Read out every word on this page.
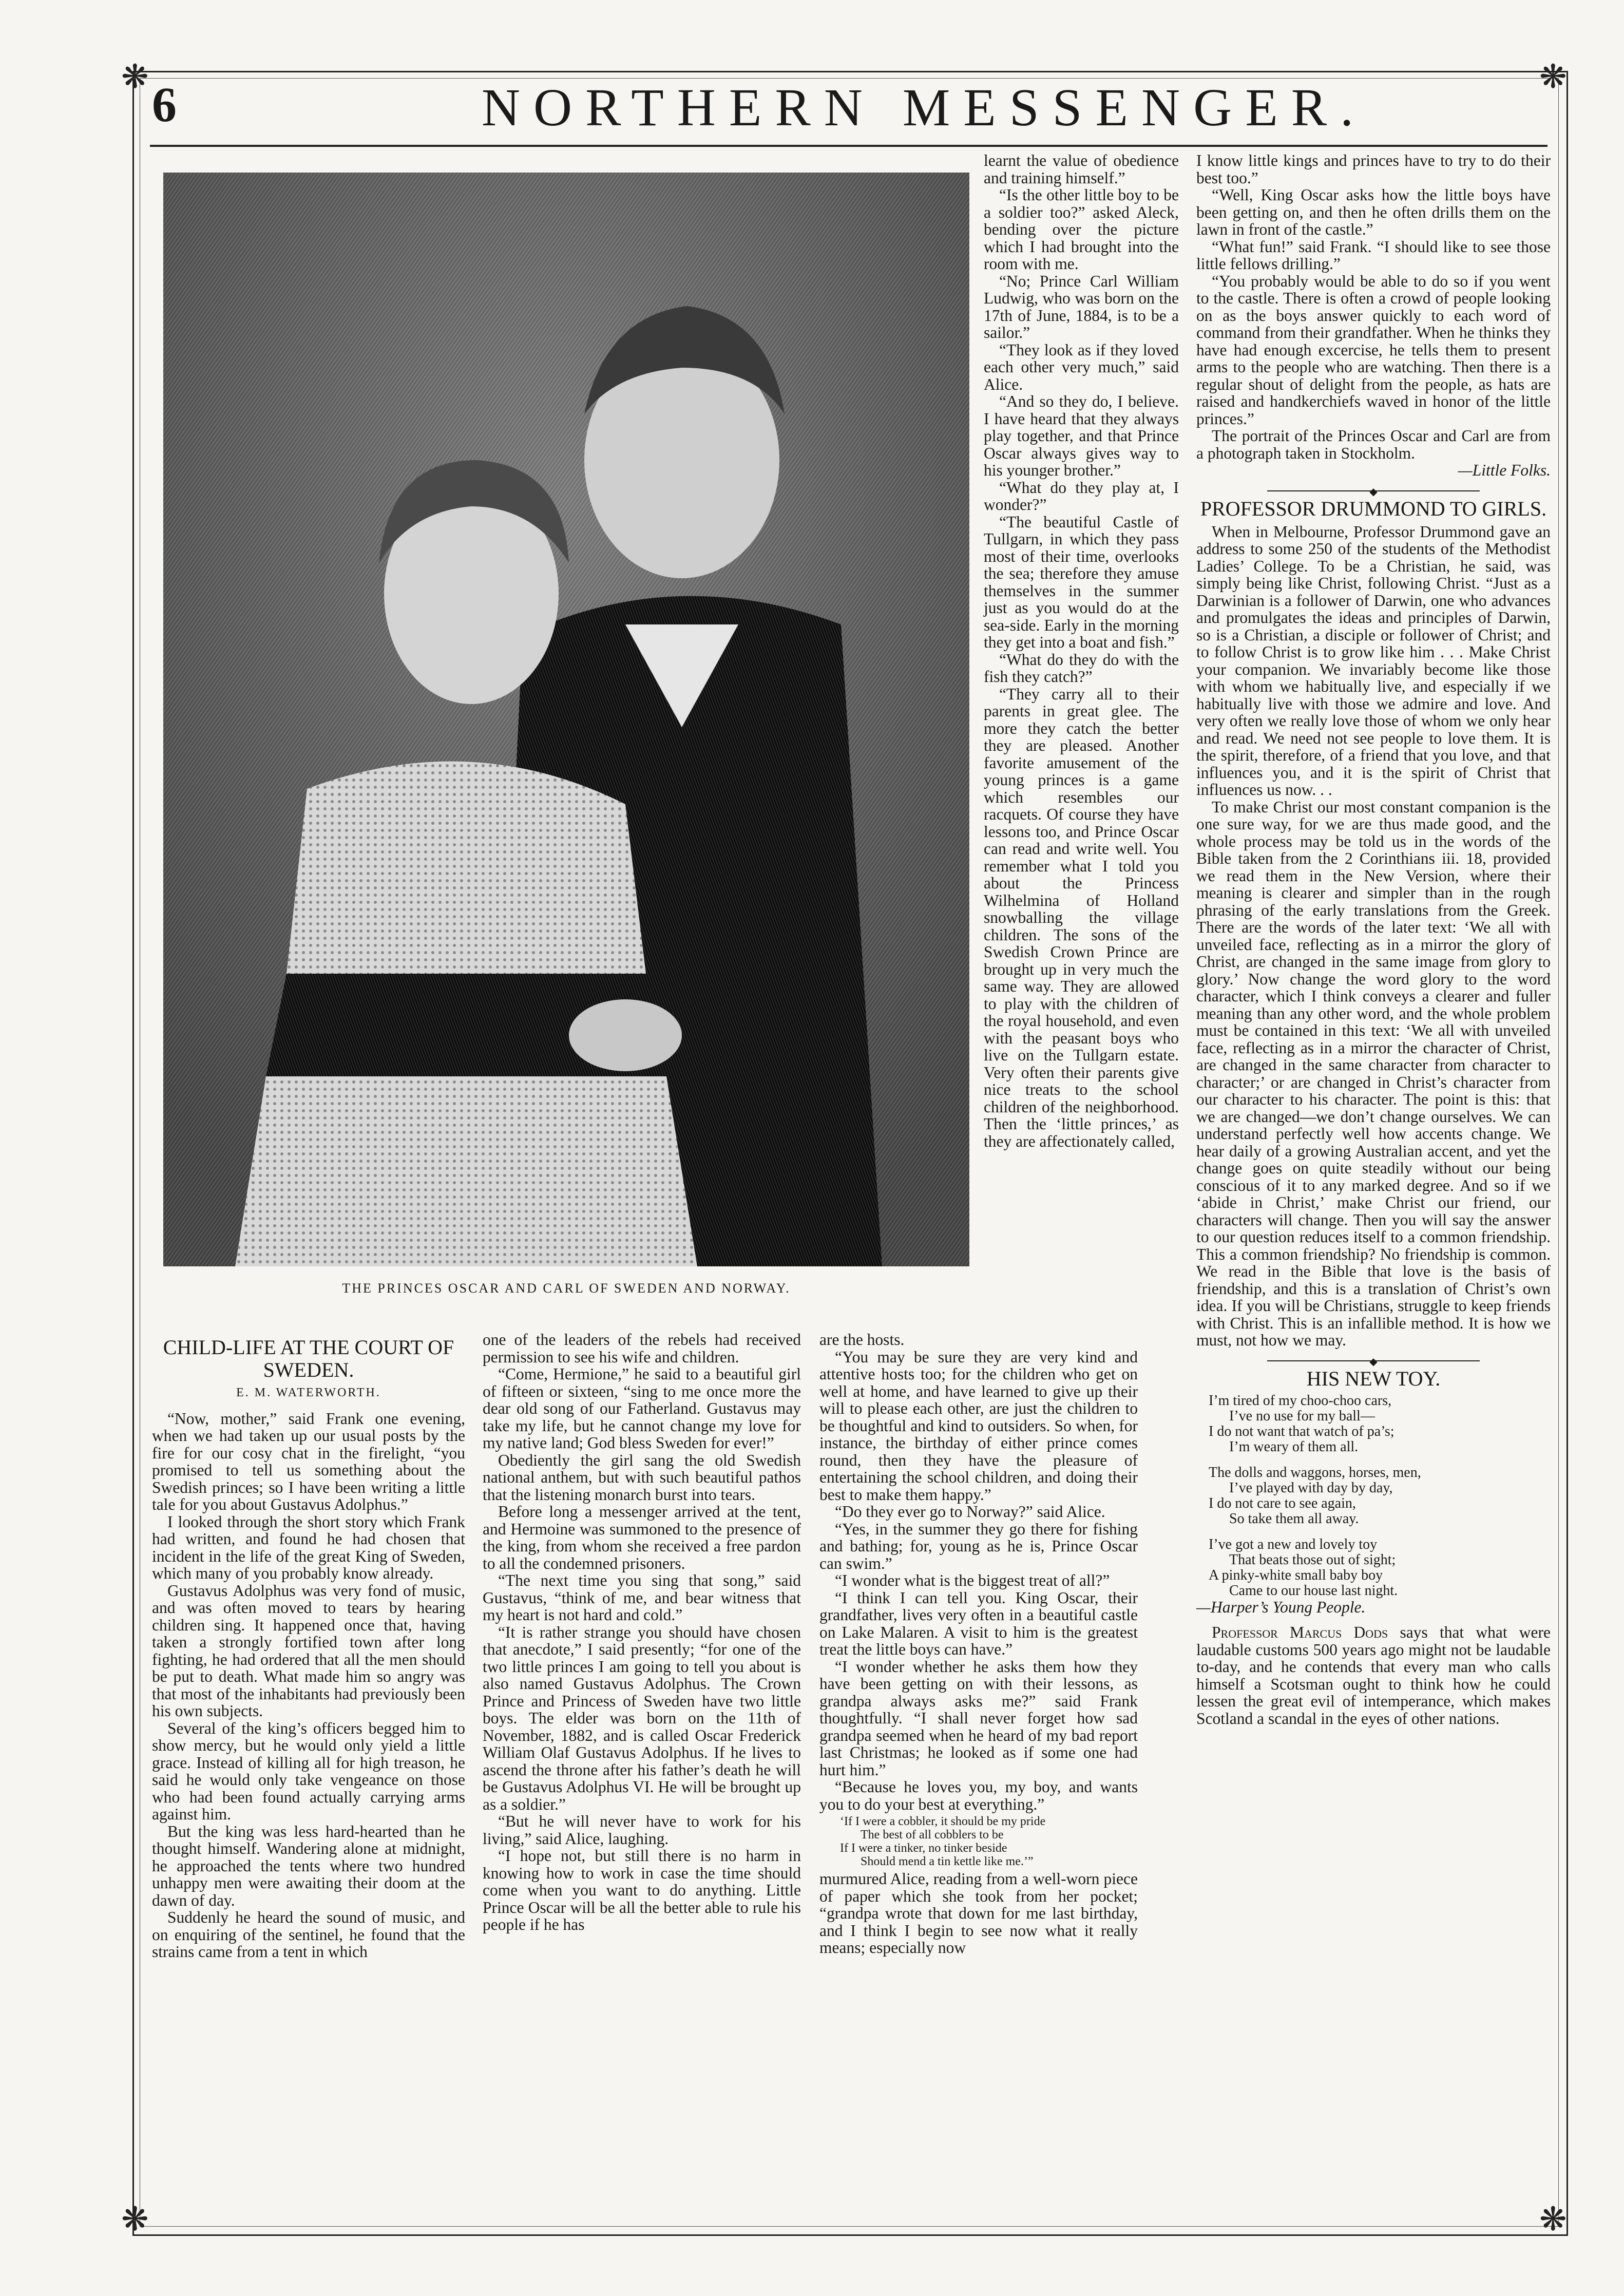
❋	❋
❋	❋
6	NORTHERN MESSENGER.
THE PRINCES OSCAR AND CARL OF SWEDEN AND NORWAY.
CHILD-LIFE AT THE COURT OF SWEDEN.
E. M. WATERWORTH.

“Now, mother,” said Frank one evening, when we had taken up our usual posts by the fire for our cosy chat in the firelight, “you promised to tell us something about the Swedish princes; so I have been writing a little tale for you about Gustavus Adolphus.”

I looked through the short story which Frank had written, and found he had chosen that incident in the life of the great King of Sweden, which many of you probably know already.

Gustavus Adolphus was very fond of music, and was often moved to tears by hearing children sing. It happened once that, having taken a strongly fortified town after long fighting, he had ordered that all the men should be put to death. What made him so angry was that most of the inhabitants had previously been his own subjects.

Several of the king’s officers begged him to show mercy, but he would only yield a little grace. Instead of killing all for high treason, he said he would only take vengeance on those who had been found actually carrying arms against him.

But the king was less hard-hearted than he thought himself. Wandering alone at midnight, he approached the tents where two hundred unhappy men were awaiting their doom at the dawn of day.

Suddenly he heard the sound of music, and on enquiring of the sentinel, he found that the strains came from a tent in which

one of the leaders of the rebels had received permission to see his wife and children.

“Come, Hermione,” he said to a beautiful girl of fifteen or sixteen, “sing to me once more the dear old song of our Fatherland. Gustavus may take my life, but he cannot change my love for my native land; God bless Sweden for ever!”

Obediently the girl sang the old Swedish national anthem, but with such beautiful pathos that the listening monarch burst into tears.

Before long a messenger arrived at the tent, and Hermoine was summoned to the presence of the king, from whom she received a free pardon to all the condemned prisoners.

“The next time you sing that song,” said Gustavus, “think of me, and bear witness that my heart is not hard and cold.”

“It is rather strange you should have chosen that anecdote,” I said presently; “for one of the two little princes I am going to tell you about is also named Gustavus Adolphus. The Crown Prince and Princess of Sweden have two little boys. The elder was born on the 11th of November, 1882, and is called Oscar Frederick William Olaf Gustavus Adolphus. If he lives to ascend the throne after his father’s death he will be Gustavus Adolphus VI. He will be brought up as a soldier.”

“But he will never have to work for his living,” said Alice, laughing.

“I hope not, but still there is no harm in knowing how to work in case the time should come when you want to do anything. Little Prince Oscar will be all the better able to rule his people if he has

are the hosts.

“You may be sure they are very kind and attentive hosts too; for the children who get on well at home, and have learned to give up their will to please each other, are just the children to be thoughtful and kind to outsiders. So when, for instance, the birthday of either prince comes round, then they have the pleasure of entertaining the school children, and doing their best to make them happy.”

“Do they ever go to Norway?” said Alice.

“Yes, in the summer they go there for fishing and bathing; for, young as he is, Prince Oscar can swim.”

“I wonder what is the biggest treat of all?”

“I think I can tell you. King Oscar, their grandfather, lives very often in a beautiful castle on Lake Malaren. A visit to him is the greatest treat the little boys can have.”

“I wonder whether he asks them how they have been getting on with their lessons, as grandpa always asks me?” said Frank thoughtfully. “I shall never forget how sad grandpa seemed when he heard of my bad report last Christmas; he looked as if some one had hurt him.”

“Because he loves you, my boy, and wants you to do your best at everything.”

‘If I were a cobbler, it should be my pride
The best of all cobblers to be
If I were a tinker, no tinker beside
Should mend a tin kettle like me.’”

murmured Alice, reading from a well-worn piece of paper which she took from her pocket; “grandpa wrote that down for me last birthday, and I think I begin to see now what it really means; especially now

learnt the value of obedience and training himself.”

“Is the other little boy to be a soldier too?” asked Aleck, bending over the picture which I had brought into the room with me.

“No; Prince Carl William Ludwig, who was born on the 17th of June, 1884, is to be a sailor.”

“They look as if they loved each other very much,” said Alice.

“And so they do, I believe. I have heard that they always play together, and that Prince Oscar always gives way to his younger brother.”

“What do they play at, I wonder?”

“The beautiful Castle of Tullgarn, in which they pass most of their time, overlooks the sea; therefore they amuse themselves in the summer just as you would do at the sea-side. Early in the morning they get into a boat and fish.”

“What do they do with the fish they catch?”

“They carry all to their parents in great glee. The more they catch the better they are pleased. Another favorite amusement of the young princes is a game which resembles our racquets. Of course they have lessons too, and Prince Oscar can read and write well. You remember what I told you about the Princess Wilhelmina of Holland snowballing the village children. The sons of the Swedish Crown Prince are brought up in very much the same way. They are allowed to play with the children of the royal household, and even with the peasant boys who live on the Tullgarn estate. Very often their parents give nice treats to the school children of the neighborhood. Then the ‘little princes,’ as they are affectionately called,

I know little kings and princes have to try to do their best too.”

“Well, King Oscar asks how the little boys have been getting on, and then he often drills them on the lawn in front of the castle.”

“What fun!” said Frank. “I should like to see those little fellows drilling.”

“You probably would be able to do so if you went to the castle. There is often a crowd of people looking on as the boys answer quickly to each word of command from their grandfather. When he thinks they have had enough excercise, he tells them to present arms to the people who are watching. Then there is a regular shout of delight from the people, as hats are raised and handkerchiefs waved in honor of the little princes.”

The portrait of the Princes Oscar and Carl are from a photograph taken in Stockholm.

—Little Folks.

◆
PROFESSOR DRUMMOND TO GIRLS.

When in Melbourne, Professor Drummond gave an address to some 250 of the students of the Methodist Ladies’ College. To be a Christian, he said, was simply being like Christ, following Christ. “Just as a Darwinian is a follower of Darwin, one who advances and promulgates the ideas and principles of Darwin, so is a Christian, a disciple or follower of Christ; and to follow Christ is to grow like him . . . Make Christ your companion. We invariably become like those with whom we habitually live, and especially if we habitually live with those we admire and love. And very often we really love those of whom we only hear and read. We need not see people to love them. It is the spirit, therefore, of a friend that you love, and that influences you, and it is the spirit of Christ that influences us now. . .

To make Christ our most constant companion is the one sure way, for we are thus made good, and the whole process may be told us in the words of the Bible taken from the 2 Corinthians iii. 18, provided we read them in the New Version, where their meaning is clearer and simpler than in the rough phrasing of the early translations from the Greek. There are the words of the later text: ‘We all with unveiled face, reflecting as in a mirror the glory of Christ, are changed in the same image from glory to glory.’ Now change the word glory to the word character, which I think conveys a clearer and fuller meaning than any other word, and the whole problem must be contained in this text: ‘We all with unveiled face, reflecting as in a mirror the character of Christ, are changed in the same character from character to character;’ or are changed in Christ’s character from our character to his character. The point is this: that we are changed—we don’t change ourselves. We can understand perfectly well how accents change. We hear daily of a growing Australian accent, and yet the change goes on quite steadily without our being conscious of it to any marked degree. And so if we ‘abide in Christ,’ make Christ our friend, our characters will change. Then you will say the answer to our question reduces itself to a common friendship. This a common friendship? No friendship is common. We read in the Bible that love is the basis of friendship, and this is a translation of Christ’s own idea. If you will be Christians, struggle to keep friends with Christ. This is an infallible method. It is how we must, not how we may.

◆
HIS NEW TOY.
I’m tired of my choo-choo cars,
I’ve no use for my ball—
I do not want that watch of pa’s;
I’m weary of them all.
The dolls and waggons, horses, men,
I’ve played with day by day,
I do not care to see again,
So take them all away.
I’ve got a new and lovely toy
That beats those out of sight;
A pinky-white small baby boy
Came to our house last night.

—Harper’s Young People.

Professor Marcus Dods says that what were laudable customs 500 years ago might not be laudable to-day, and he contends that every man who calls himself a Scotsman ought to think how he could lessen the great evil of intemperance, which makes Scotland a scandal in the eyes of other nations.
